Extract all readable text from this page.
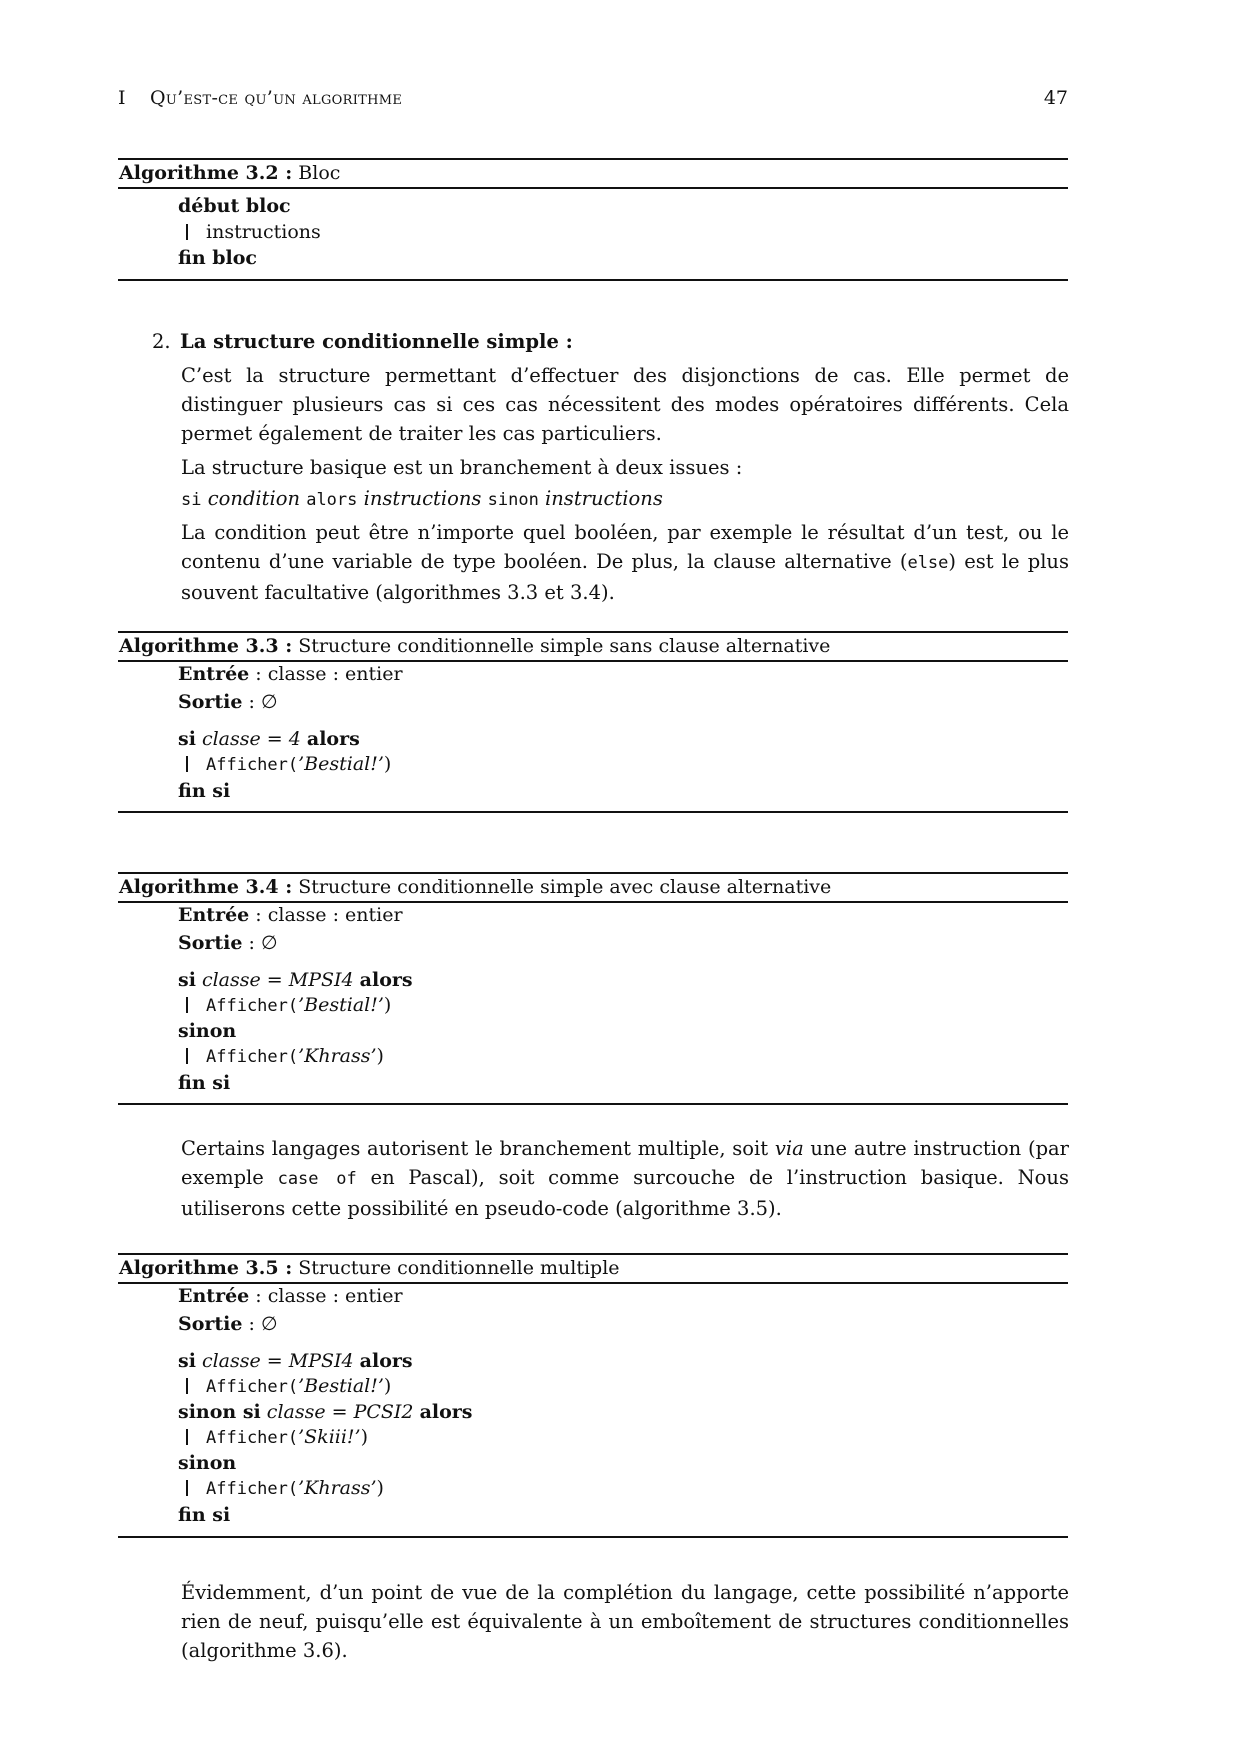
I Qu’est-ce qu’un algorithme	47
Algorithme 3.2 : Bloc
début bloc
instructions
fin bloc
2. La structure conditionnelle simple :

C’est la structure permettant d’effectuer des disjonctions de cas. Elle permet de distinguer plusieurs cas si ces cas nécessitent des modes opératoires différents. Cela permet également de traiter les cas particuliers.

La structure basique est un branchement à deux issues :

si condition alors instructions sinon instructions

La condition peut être n’importe quel booléen, par exemple le résultat d’un test, ou le contenu d’une variable de type booléen. De plus, la clause alternative (else) est le plus souvent facultative (algorithmes 3.3 et 3.4).

Algorithme 3.3 : Structure conditionnelle simple sans clause alternative
Entrée : classe : entier
Sortie : ∅
si classe = 4 alors
Afficher(’Bestial!’)
fin si
Algorithme 3.4 : Structure conditionnelle simple avec clause alternative
Entrée : classe : entier
Sortie : ∅
si classe = MPSI4 alors
Afficher(’Bestial!’)
sinon
Afficher(’Khrass’)
fin si

Certains langages autorisent le branchement multiple, soit via une autre instruction (par exemple case of en Pascal), soit comme surcouche de l’instruction basique. Nous utiliserons cette possibilité en pseudo-code (algorithme 3.5).

Algorithme 3.5 : Structure conditionnelle multiple
Entrée : classe : entier
Sortie : ∅
si classe = MPSI4 alors
Afficher(’Bestial!’)
sinon si classe = PCSI2 alors
Afficher(’Skiii!’)
sinon
Afficher(’Khrass’)
fin si

Évidemment, d’un point de vue de la complétion du langage, cette possibilité n’apporte rien de neuf, puisqu’elle est équivalente à un emboîtement de structures conditionnelles (algorithme 3.6).
